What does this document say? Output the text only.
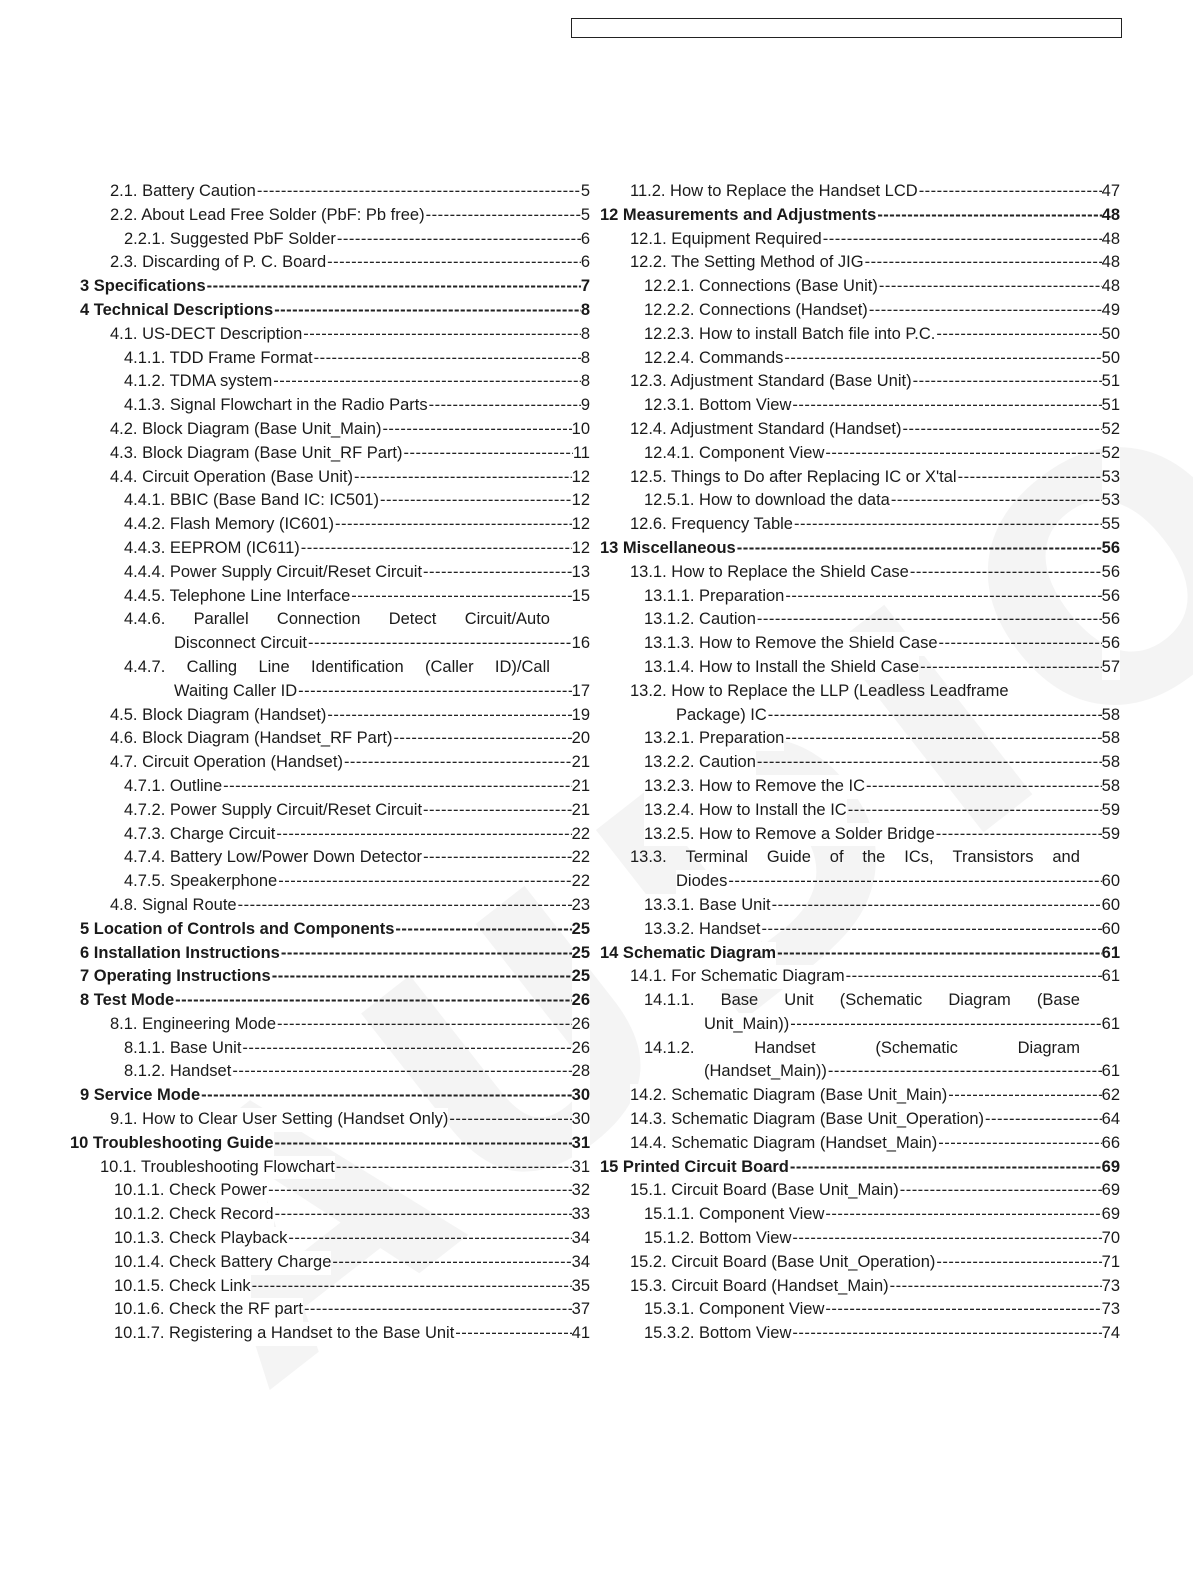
2.1. Battery Caution -----	5
2.2. About Lead Free Solder (PbF: Pb free) -----	5
2.2.1. Suggested PbF Solder -----	6
2.3. Discarding of P. C. Board -----	6
3 Specifications -----	7
4 Technical Descriptions -----	8
4.1. US-DECT Description -----	8
4.1.1. TDD Frame Format -----	8
4.1.2. TDMA system -----	8
4.1.3. Signal Flowchart in the Radio Parts -----	9
4.2. Block Diagram (Base Unit_Main) -----	10
4.3. Block Diagram (Base Unit_RF Part) -----	11
4.4. Circuit Operation (Base Unit) -----	12
4.4.1. BBIC (Base Band IC: IC501) -----	12
4.4.2. Flash Memory (IC601) -----	12
4.4.3. EEPROM (IC611) -----	12
4.4.4. Power Supply Circuit/Reset Circuit -----	13
4.4.5. Telephone Line Interface -----	15
4.4.6. Parallel Connection Detect Circuit/Auto
Disconnect Circuit -----	16
4.4.7. Calling Line Identification (Caller ID)/Call
Waiting Caller ID -----	17
4.5. Block Diagram (Handset) -----	19
4.6. Block Diagram (Handset_RF Part) -----	20
4.7. Circuit Operation (Handset) -----	21
4.7.1. Outline -----	21
4.7.2. Power Supply Circuit/Reset Circuit -----	21
4.7.3. Charge Circuit -----	22
4.7.4. Battery Low/Power Down Detector -----	22
4.7.5. Speakerphone -----	22
4.8. Signal Route -----	23
5 Location of Controls and Components -----	25
6 Installation Instructions -----	25
7 Operating Instructions -----	25
8 Test Mode -----	26
8.1. Engineering Mode -----	26
8.1.1. Base Unit -----	26
8.1.2. Handset -----	28
9 Service Mode -----	30
9.1. How to Clear User Setting (Handset Only) -----	30
10 Troubleshooting Guide -----	31
10.1. Troubleshooting Flowchart -----	31
10.1.1. Check Power -----	32
10.1.2. Check Record -----	33
10.1.3. Check Playback -----	34
10.1.4. Check Battery Charge -----	34
10.1.5. Check Link -----	35
10.1.6. Check the RF part -----	37
10.1.7. Registering a Handset to the Base Unit -----	41
11.2. How to Replace the Handset LCD -----	47
12 Measurements and Adjustments -----	48
12.1. Equipment Required -----	48
12.2. The Setting Method of JIG -----	48
12.2.1. Connections (Base Unit) -----	48
12.2.2. Connections (Handset) -----	49
12.2.3. How to install Batch file into P.C. -----	50
12.2.4. Commands -----	50
12.3. Adjustment Standard (Base Unit) -----	51
12.3.1. Bottom View -----	51
12.4. Adjustment Standard (Handset) -----	52
12.4.1. Component View -----	52
12.5. Things to Do after Replacing IC or X'tal -----	53
12.5.1. How to download the data -----	53
12.6. Frequency Table -----	55
13 Miscellaneous -----	56
13.1. How to Replace the Shield Case -----	56
13.1.1. Preparation -----	56
13.1.2. Caution -----	56
13.1.3. How to Remove the Shield Case -----	56
13.1.4. How to Install the Shield Case -----	57
13.2. How to Replace the LLP (Leadless Leadframe
Package) IC -----	58
13.2.1. Preparation -----	58
13.2.2. Caution -----	58
13.2.3. How to Remove the IC -----	58
13.2.4. How to Install the IC -----	59
13.2.5. How to Remove a Solder Bridge -----	59
13.3. Terminal Guide of the ICs, Transistors and
Diodes -----	60
13.3.1. Base Unit -----	60
13.3.2. Handset -----	60
14 Schematic Diagram -----	61
14.1. For Schematic Diagram -----	61
14.1.1. Base Unit (Schematic Diagram (Base
Unit_Main)) -----	61
14.1.2.	Handset	(Schematic	Diagram
(Handset_Main)) -----	61
14.2. Schematic Diagram (Base Unit_Main) -----	62
14.3. Schematic Diagram (Base Unit_Operation) -----	64
14.4. Schematic Diagram (Handset_Main) -----	66
15 Printed Circuit Board -----	69
15.1. Circuit Board (Base Unit_Main) -----	69
15.1.1. Component View -----	69
15.1.2. Bottom View -----	70
15.2. Circuit Board (Base Unit_Operation) -----	71
15.3. Circuit Board (Handset_Main) -----	73
15.3.1. Component View -----	73
15.3.2. Bottom View -----	74
